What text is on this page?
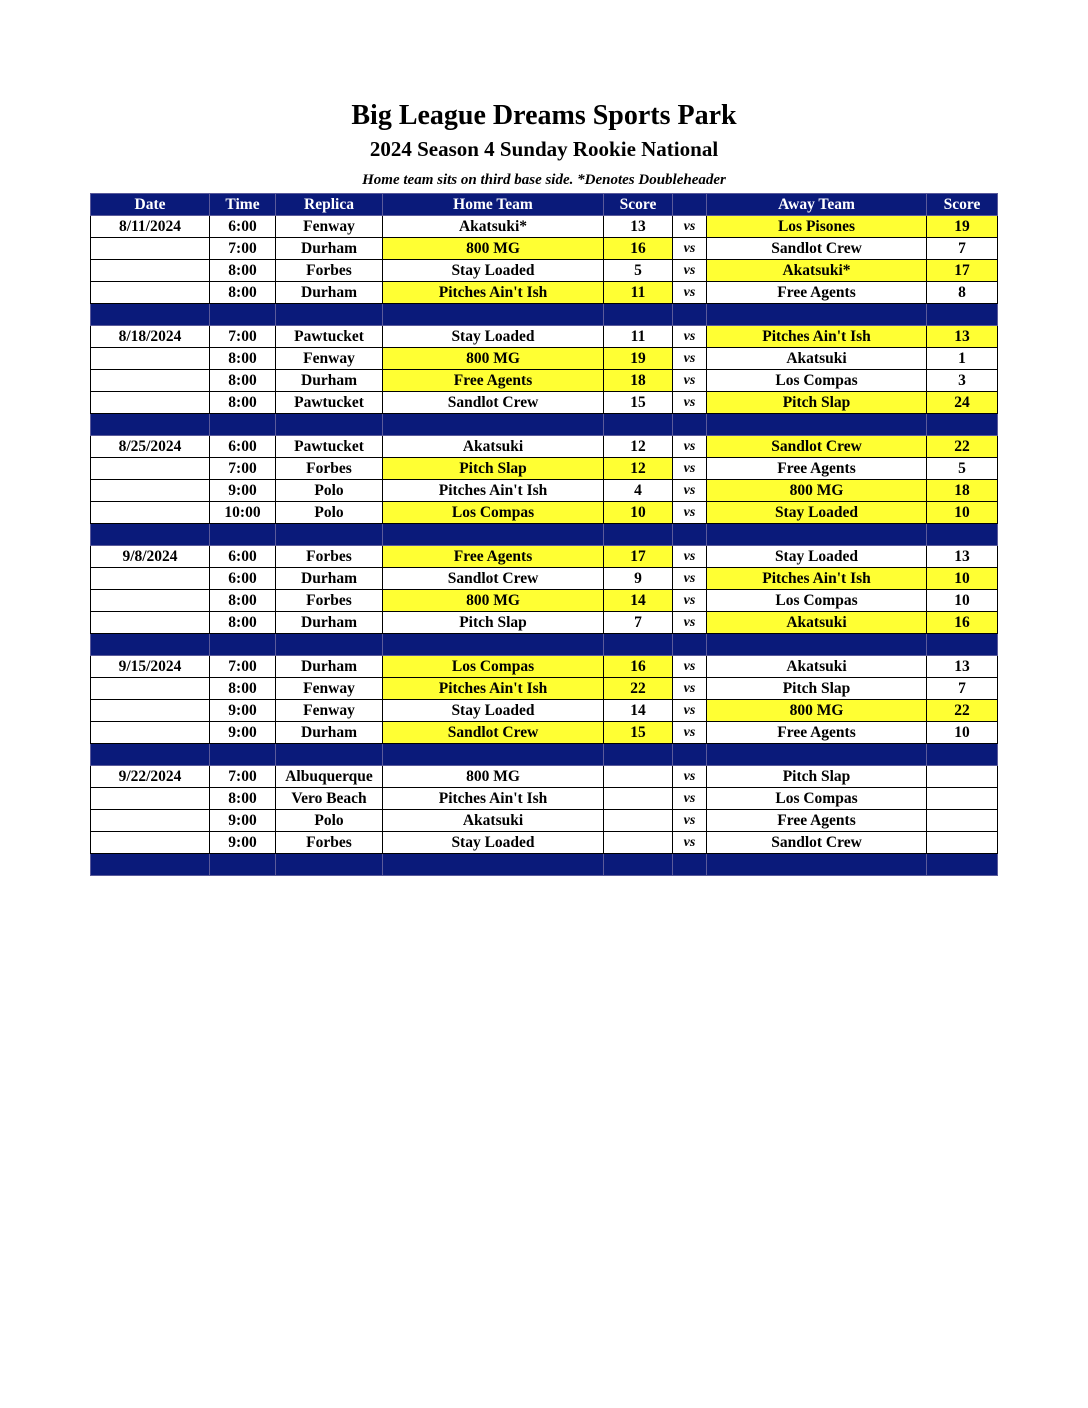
Big League Dreams Sports Park
2024 Season 4 Sunday Rookie National
Home team sits on third base side. *Denotes Doubleheader
Date	Time	Replica	Home Team	Score		Away Team	Score
8/11/2024	6:00	Fenway	Akatsuki*	13	vs	Los Pisones	19
	7:00	Durham	800 MG	16	vs	Sandlot Crew	7
	8:00	Forbes	Stay Loaded	5	vs	Akatsuki*	17
	8:00	Durham	Pitches Ain't Ish	11	vs	Free Agents	8

8/18/2024	7:00	Pawtucket	Stay Loaded	11	vs	Pitches Ain't Ish	13
	8:00	Fenway	800 MG	19	vs	Akatsuki	1
	8:00	Durham	Free Agents	18	vs	Los Compas	3
	8:00	Pawtucket	Sandlot Crew	15	vs	Pitch Slap	24

8/25/2024	6:00	Pawtucket	Akatsuki	12	vs	Sandlot Crew	22
	7:00	Forbes	Pitch Slap	12	vs	Free Agents	5
	9:00	Polo	Pitches Ain't Ish	4	vs	800 MG	18
	10:00	Polo	Los Compas	10	vs	Stay Loaded	10

9/8/2024	6:00	Forbes	Free Agents	17	vs	Stay Loaded	13
	6:00	Durham	Sandlot Crew	9	vs	Pitches Ain't Ish	10
	8:00	Forbes	800 MG	14	vs	Los Compas	10
	8:00	Durham	Pitch Slap	7	vs	Akatsuki	16

9/15/2024	7:00	Durham	Los Compas	16	vs	Akatsuki	13
	8:00	Fenway	Pitches Ain't Ish	22	vs	Pitch Slap	7
	9:00	Fenway	Stay Loaded	14	vs	800 MG	22
	9:00	Durham	Sandlot Crew	15	vs	Free Agents	10

9/22/2024	7:00	Albuquerque	800 MG		vs	Pitch Slap	
	8:00	Vero Beach	Pitches Ain't Ish		vs	Los Compas	
	9:00	Polo	Akatsuki		vs	Free Agents	
	9:00	Forbes	Stay Loaded		vs	Sandlot Crew	
